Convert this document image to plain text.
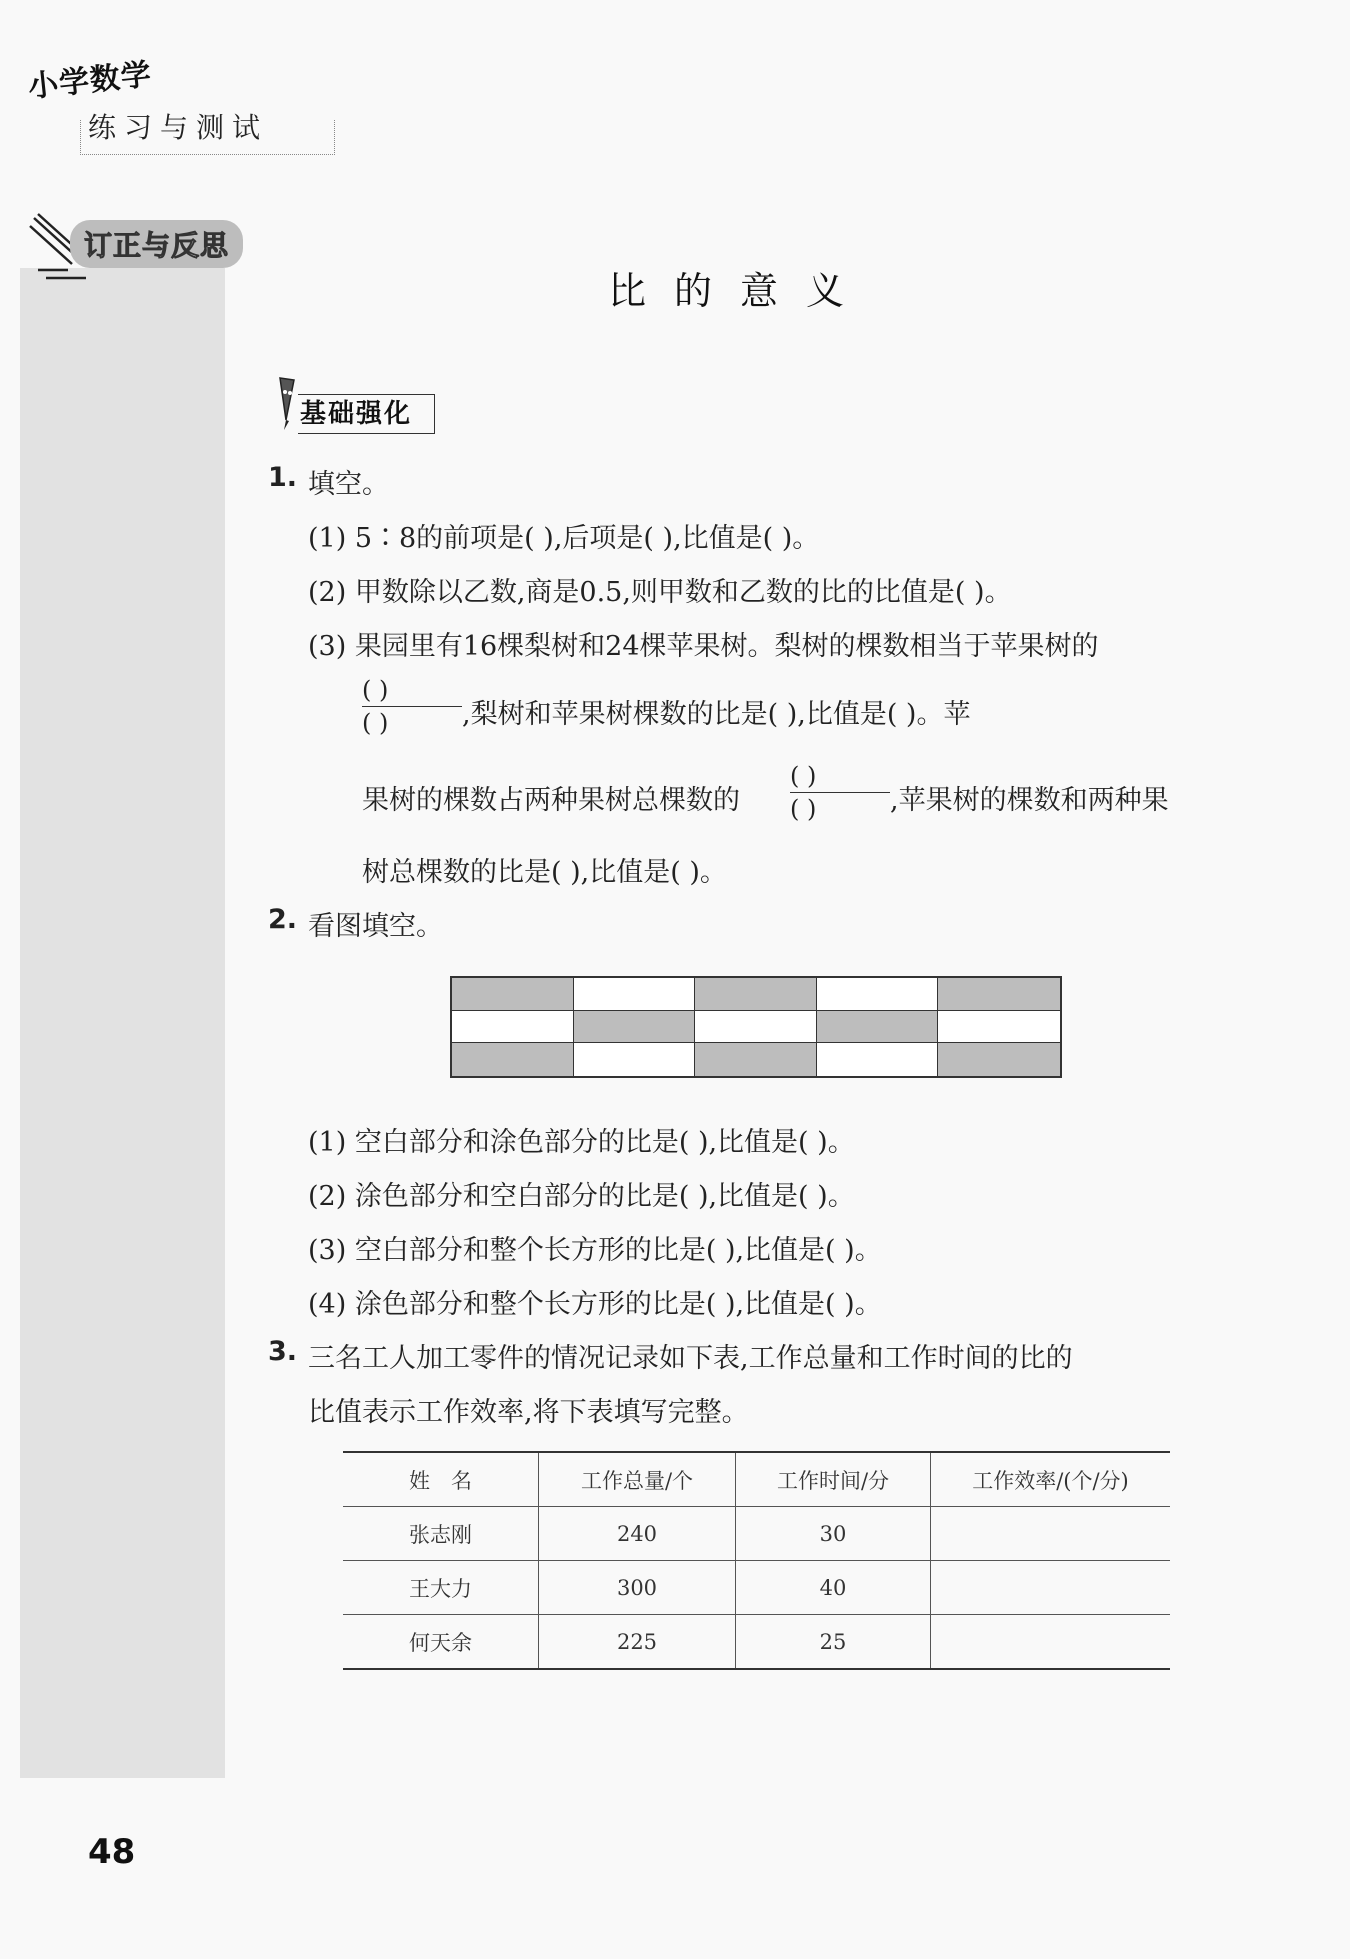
小学数学
练习与测试
订正与反思
比的意义
基础强化
1. 填空。
(1) 5∶8的前项是( ),后项是( ),比值是( )。
(2) 甲数除以乙数,商是0.5,则甲数和乙数的比的比值是( )。
(3) 果园里有16棵梨树和24棵苹果树。梨树的棵数相当于苹果树的
( )
( )	,梨树和苹果树棵数的比是( ),比值是( )。苹
果树的棵数占两种果树总棵数的
( )
( )	,苹果树的棵数和两种果
树总棵数的比是( ),比值是( )。
2. 看图填空。
(1) 空白部分和涂色部分的比是( ),比值是( )。
(2) 涂色部分和空白部分的比是( ),比值是( )。
(3) 空白部分和整个长方形的比是( ),比值是( )。
(4) 涂色部分和整个长方形的比是( ),比值是( )。
3. 三名工人加工零件的情况记录如下表,工作总量和工作时间的比的
比值表示工作效率,将下表填写完整。
姓　名	工作总量/个	工作时间/分	工作效率/(个/分)
张志刚	240	30	
王大力	300	40	
何天余	225	25	
48
